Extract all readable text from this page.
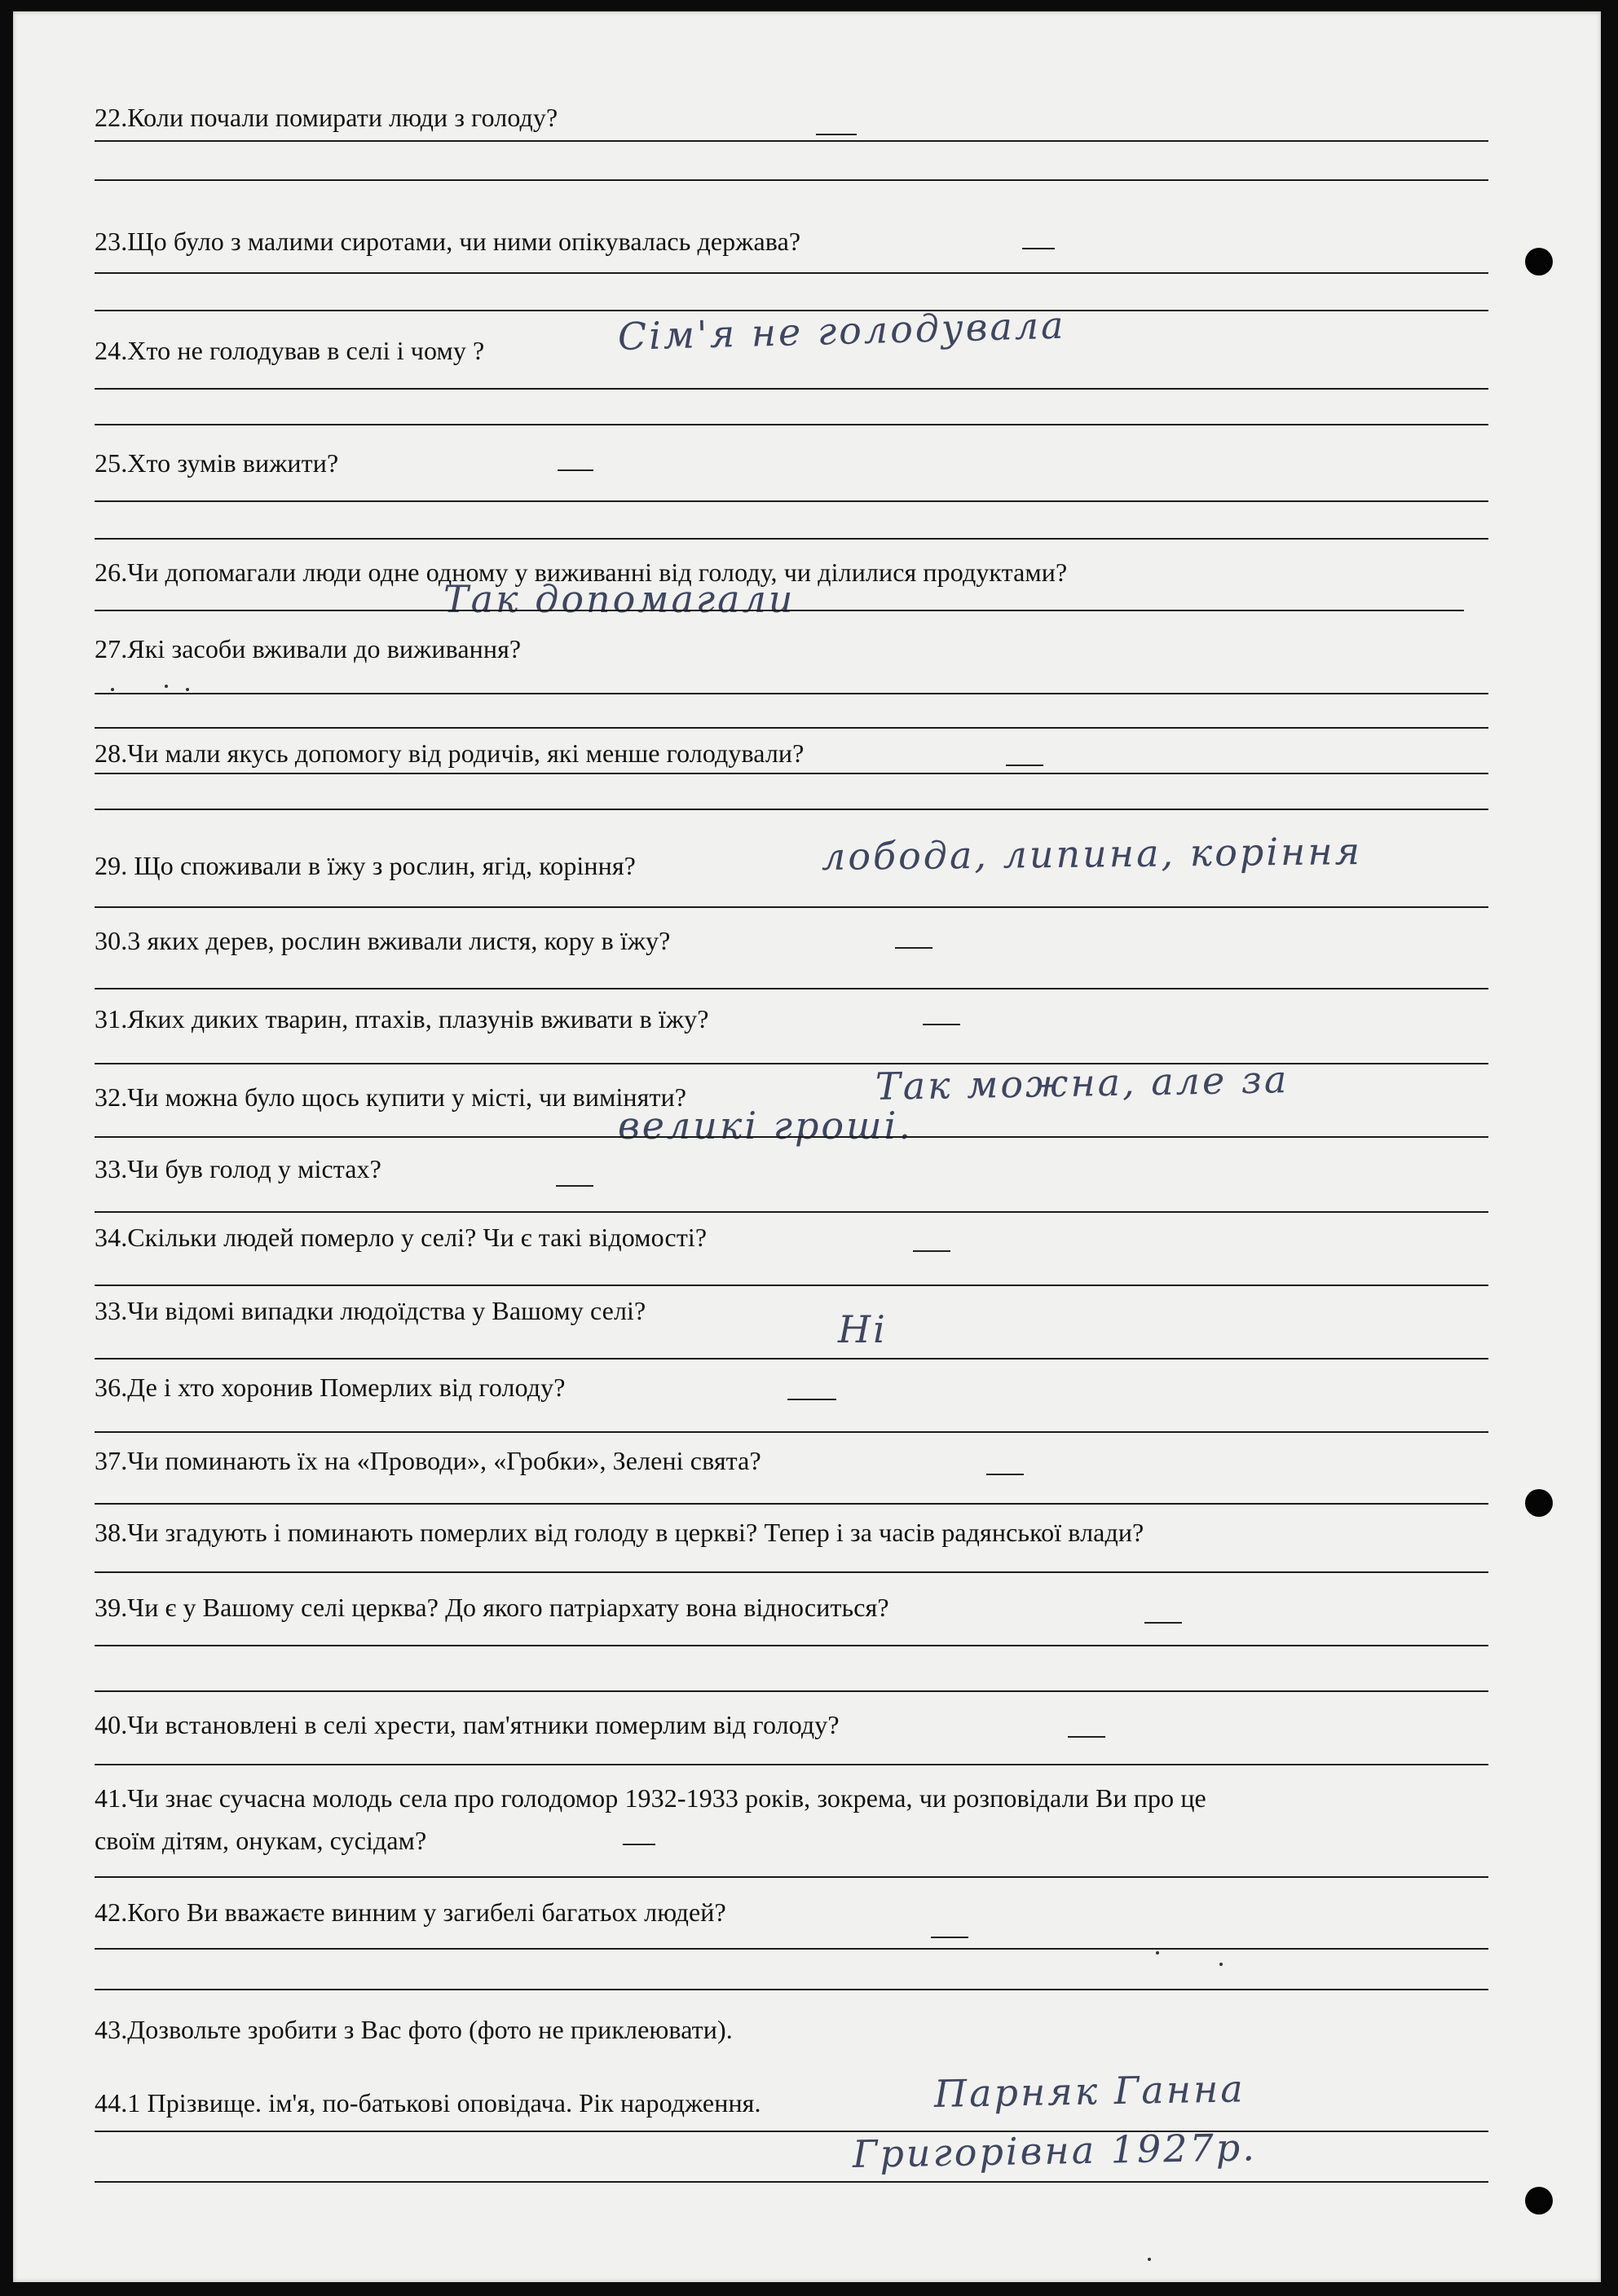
22.Коли почали помирати люди з голоду?
23.Що було з малими сиротами, чи ними опікувалась держава?
24.Хто не голодував в селі і чому ?	Сім'я не голодувала
25.Хто зумів вижити?
26.Чи допомагали люди одне одному у виживанні від голоду, чи ділилися продуктами?
Так допомагали
27.Які засоби вживали до виживання?
28.Чи мали якусь допомогу від родичів, які менше голодували?
29. Що споживали в їжу з рослин, ягід, коріння?	лобода, липина, коріння
30.3 яких дерев, рослин вживали листя, кору в їжу?
31.Яких диких тварин, птахів, плазунів вживати в їжу?
32.Чи можна було щось купити у місті, чи виміняти?	Так можна, але за
великі гроші.
33.Чи був голод у містах?
34.Скільки людей померло у селі? Чи є такі відомості?
33.Чи відомі випадки людоїдства у Вашому селі?	Ні
36.Де і хто хоронив Померлих від голоду?
37.Чи поминають їх на «Проводи», «Гробки», Зелені свята?
38.Чи згадують і поминають померлих від голоду в церкві? Тепер і за часів радянської влади?
39.Чи є у Вашому селі церква? До якого патріархату вона відноситься?
40.Чи встановлені в селі хрести, пам'ятники померлим від голоду?
41.Чи знає сучасна молодь села про голодомор 1932-1933 років, зокрема, чи розповідали Ви про це
своїм дітям, онукам, сусідам?
42.Кого Ви вважаєте винним у загибелі багатьох людей?
43.Дозвольте зробити з Вас фото (фото не приклеювати).
44.1 Прізвище. ім'я, по-батькові оповідача. Рік народження.	Парняк Ганна
Григорівна 1927р.
